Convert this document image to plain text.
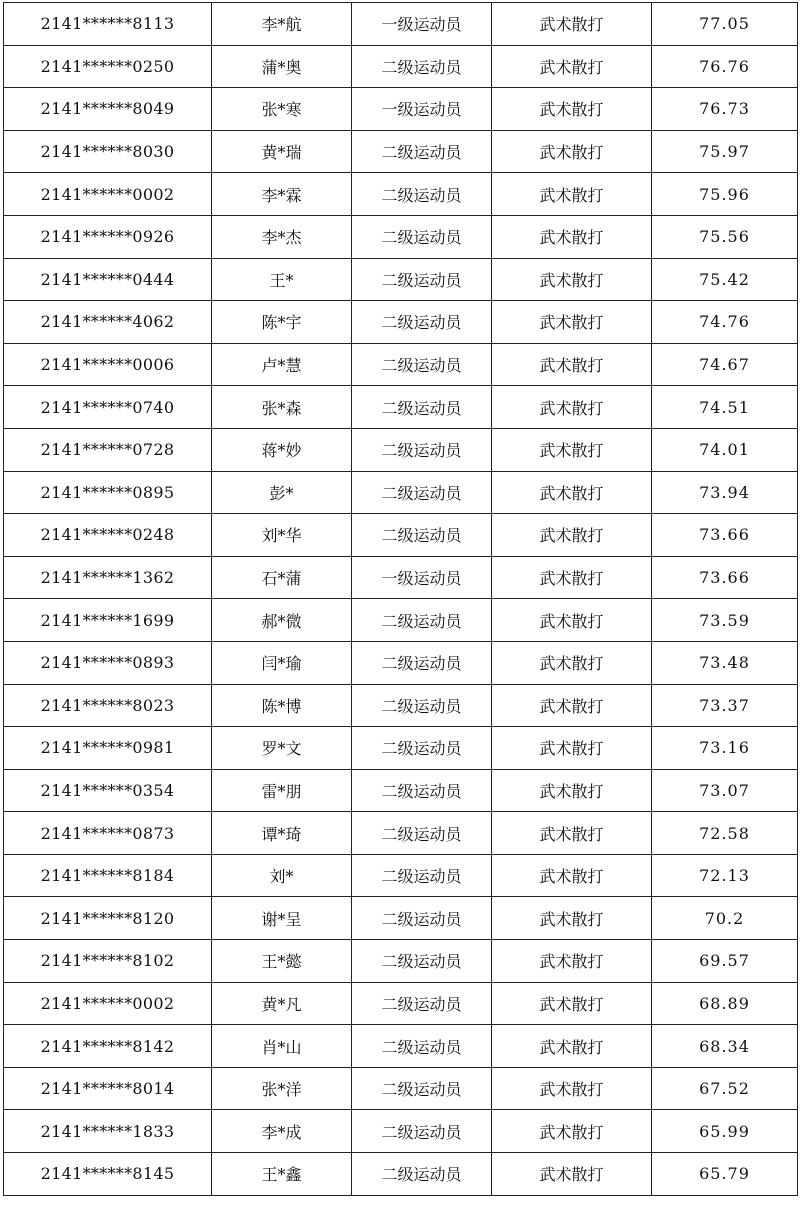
2141******8113	李*航	一级运动员	武术散打	77.05
2141******0250	蒲*奥	二级运动员	武术散打	76.76
2141******8049	张*寒	一级运动员	武术散打	76.73
2141******8030	黄*瑞	二级运动员	武术散打	75.97
2141******0002	李*霖	二级运动员	武术散打	75.96
2141******0926	李*杰	二级运动员	武术散打	75.56
2141******0444	王*	二级运动员	武术散打	75.42
2141******4062	陈*宇	二级运动员	武术散打	74.76
2141******0006	卢*慧	二级运动员	武术散打	74.67
2141******0740	张*森	二级运动员	武术散打	74.51
2141******0728	蒋*妙	二级运动员	武术散打	74.01
2141******0895	彭*	二级运动员	武术散打	73.94
2141******0248	刘*华	二级运动员	武术散打	73.66
2141******1362	石*蒲	一级运动员	武术散打	73.66
2141******1699	郝*微	二级运动员	武术散打	73.59
2141******0893	闫*瑜	二级运动员	武术散打	73.48
2141******8023	陈*博	二级运动员	武术散打	73.37
2141******0981	罗*文	二级运动员	武术散打	73.16
2141******0354	雷*朋	二级运动员	武术散打	73.07
2141******0873	谭*琦	二级运动员	武术散打	72.58
2141******8184	刘*	二级运动员	武术散打	72.13
2141******8120	谢*呈	二级运动员	武术散打	70.2
2141******8102	王*懿	二级运动员	武术散打	69.57
2141******0002	黄*凡	二级运动员	武术散打	68.89
2141******8142	肖*山	二级运动员	武术散打	68.34
2141******8014	张*洋	二级运动员	武术散打	67.52
2141******1833	李*成	二级运动员	武术散打	65.99
2141******8145	王*鑫	二级运动员	武术散打	65.79
